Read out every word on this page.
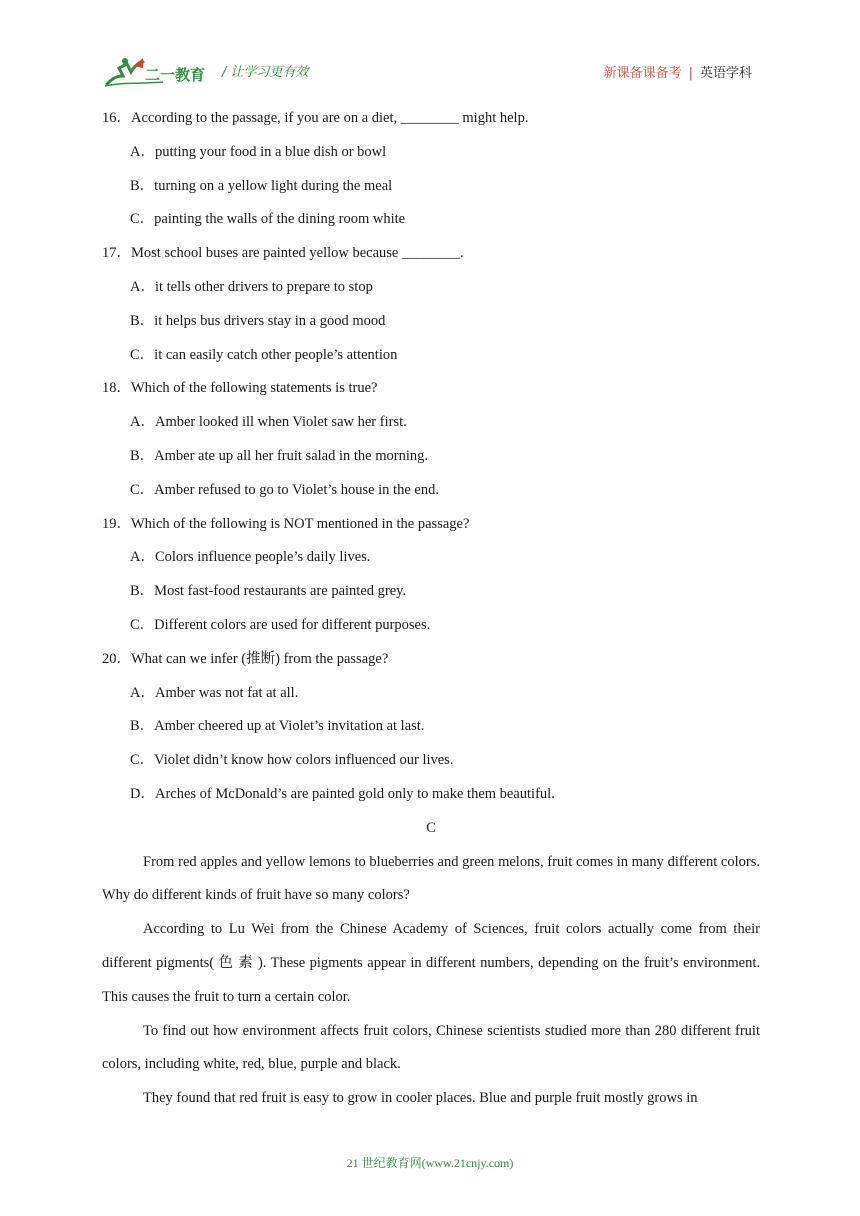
二一教育 / 让学习更有效	新课备课备考 | 英语学科
16．According to the passage, if you are on a diet, ________ might help.
A．putting your food in a blue dish or bowl
B．turning on a yellow light during the meal
C．painting the walls of the dining room white
17．Most school buses are painted yellow because ________.
A．it tells other drivers to prepare to stop
B．it helps bus drivers stay in a good mood
C．it can easily catch other people’s attention
18．Which of the following statements is true?
A．Amber looked ill when Violet saw her first.
B．Amber ate up all her fruit salad in the morning.
C．Amber refused to go to Violet’s house in the end.
19．Which of the following is NOT mentioned in the passage?
A．Colors influence people’s daily lives.
B．Most fast-food restaurants are painted grey.
C．Different colors are used for different purposes.
20．What can we infer (推断) from the passage?
A．Amber was not fat at all.
B．Amber cheered up at Violet’s invitation at last.
C．Violet didn’t know how colors influenced our lives.
D．Arches of McDonald’s are painted gold only to make them beautiful.
C
From red apples and yellow lemons to blueberries and green melons, fruit comes in many different colors. Why do different kinds of fruit have so many colors?
According to Lu Wei from the Chinese Academy of Sciences, fruit colors actually come from their different pigments( 色 素 ). These pigments appear in different numbers, depending on the fruit’s environment. This causes the fruit to turn a certain color.
To find out how environment affects fruit colors, Chinese scientists studied more than 280 different fruit colors, including white, red, blue, purple and black.
They found that red fruit is easy to grow in cooler places. Blue and purple fruit mostly grows in
21 世纪教育网(www.21cnjy.com)
